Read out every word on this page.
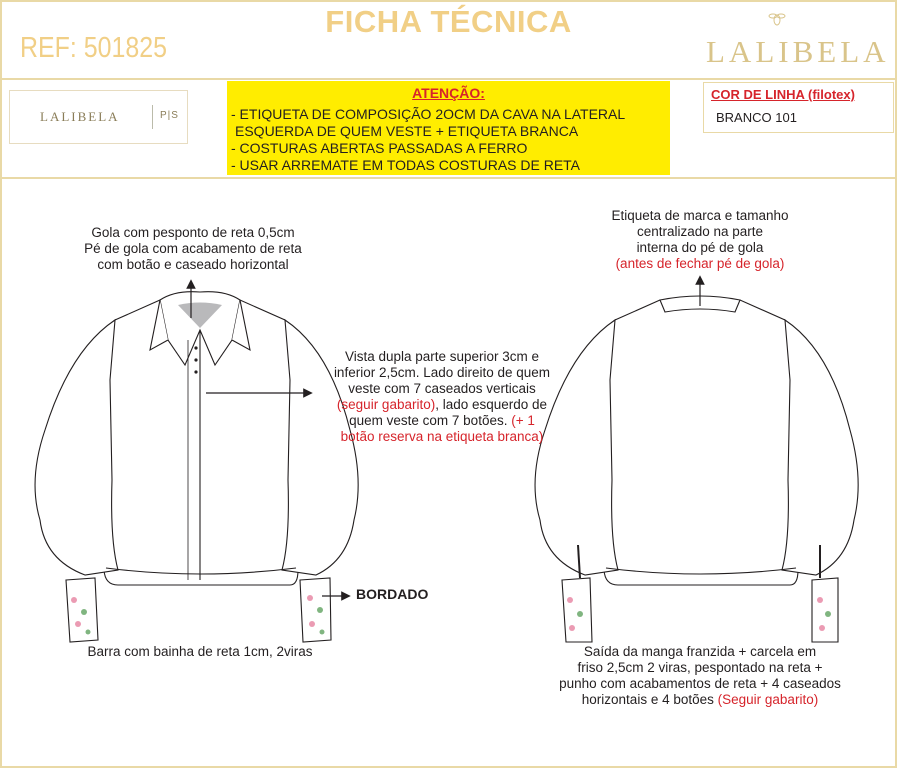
FICHA TÉCNICA
REF: 501825	LALIBELA
LALIBELA	P|S
ATENÇÃO:
- ETIQUETA DE COMPOSIÇÃO 2OCM DA CAVA NA LATERAL
ESQUERDA DE QUEM VESTE + ETIQUETA BRANCA
- COSTURAS ABERTAS PASSADAS A FERRO
- USAR ARREMATE EM TODAS COSTURAS DE RETA
COR DE LINHA (filotex)
BRANCO 101
Gola com pesponto de reta 0,5cm
Pé de gola com acabamento de reta
com botão e caseado horizontal
Vista dupla parte superior 3cm e
inferior 2,5cm. Lado direito de quem
veste com 7 caseados verticais
(seguir gabarito), lado esquerdo de
quem veste com 7 botões. (+ 1
botão reserva na etiqueta branca)
BORDADO
Barra com bainha de reta 1cm, 2viras
Etiqueta de marca e tamanho
centralizado na parte
interna do pé de gola
(antes de fechar pé de gola)
Saída da manga franzida + carcela em
friso 2,5cm 2 viras, pespontado na reta +
punho com acabamentos de reta + 4 caseados
horizontais e 4 botões (Seguir gabarito)
